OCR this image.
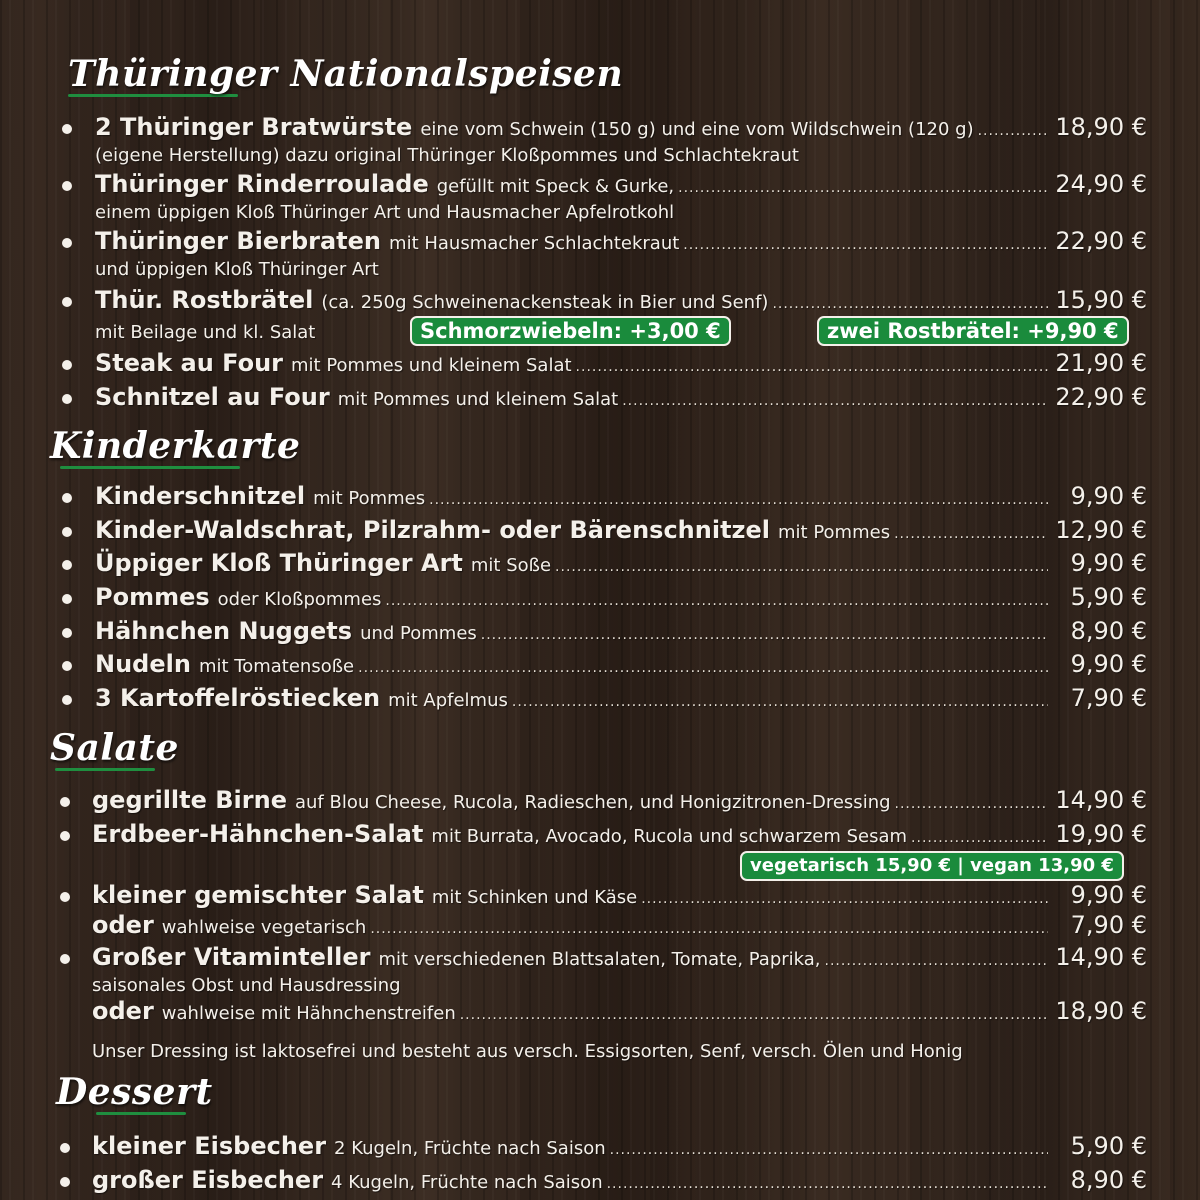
Thüringer Nationalspeisen
2 Thüringer Bratwürste eine vom Schwein (150 g) und eine vom Wildschwein (120 g) .....	18,90 €
(eigene Herstellung) dazu original Thüringer Kloßpommes und Schlachtekraut
Thüringer Rinderroulade gefüllt mit Speck & Gurke, .....	24,90 €
einem üppigen Kloß Thüringer Art und Hausmacher Apfelrotkohl
Thüringer Bierbraten mit Hausmacher Schlachtekraut .....	22,90 €
und üppigen Kloß Thüringer Art
Thür. Rostbrätel (ca. 250g Schweinenackensteak in Bier und Senf) .....	15,90 €
mit Beilage und kl. Salat	Schmorzwiebeln: +3,00 €	zwei Rostbrätel: +9,90 €
Steak au Four mit Pommes und kleinem Salat .....	21,90 €
Schnitzel au Four mit Pommes und kleinem Salat .....	22,90 €
Kinderkarte
Kinderschnitzel mit Pommes .....	9,90 €
Kinder-Waldschrat, Pilzrahm- oder Bärenschnitzel mit Pommes .....	12,90 €
Üppiger Kloß Thüringer Art mit Soße .....	9,90 €
Pommes oder Kloßpommes .....	5,90 €
Hähnchen Nuggets und Pommes .....	8,90 €
Nudeln mit Tomatensoße .....	9,90 €
3 Kartoffelröstiecken mit Apfelmus .....	7,90 €
Salate
gegrillte Birne auf Blou Cheese, Rucola, Radieschen, und Honigzitronen-Dressing .....	14,90 €
Erdbeer-Hähnchen-Salat mit Burrata, Avocado, Rucola und schwarzem Sesam .....	19,90 €
vegetarisch 15,90 € | vegan 13,90 €
kleiner gemischter Salat mit Schinken und Käse .....	9,90 €
oder wahlweise vegetarisch .....	7,90 €
Großer Vitaminteller mit verschiedenen Blattsalaten, Tomate, Paprika, .....	14,90 €
saisonales Obst und Hausdressing
oder wahlweise mit Hähnchenstreifen .....	18,90 €
Unser Dressing ist laktosefrei und besteht aus versch. Essigsorten, Senf, versch. Ölen und Honig
Dessert
kleiner Eisbecher 2 Kugeln, Früchte nach Saison .....	5,90 €
großer Eisbecher 4 Kugeln, Früchte nach Saison .....	8,90 €
